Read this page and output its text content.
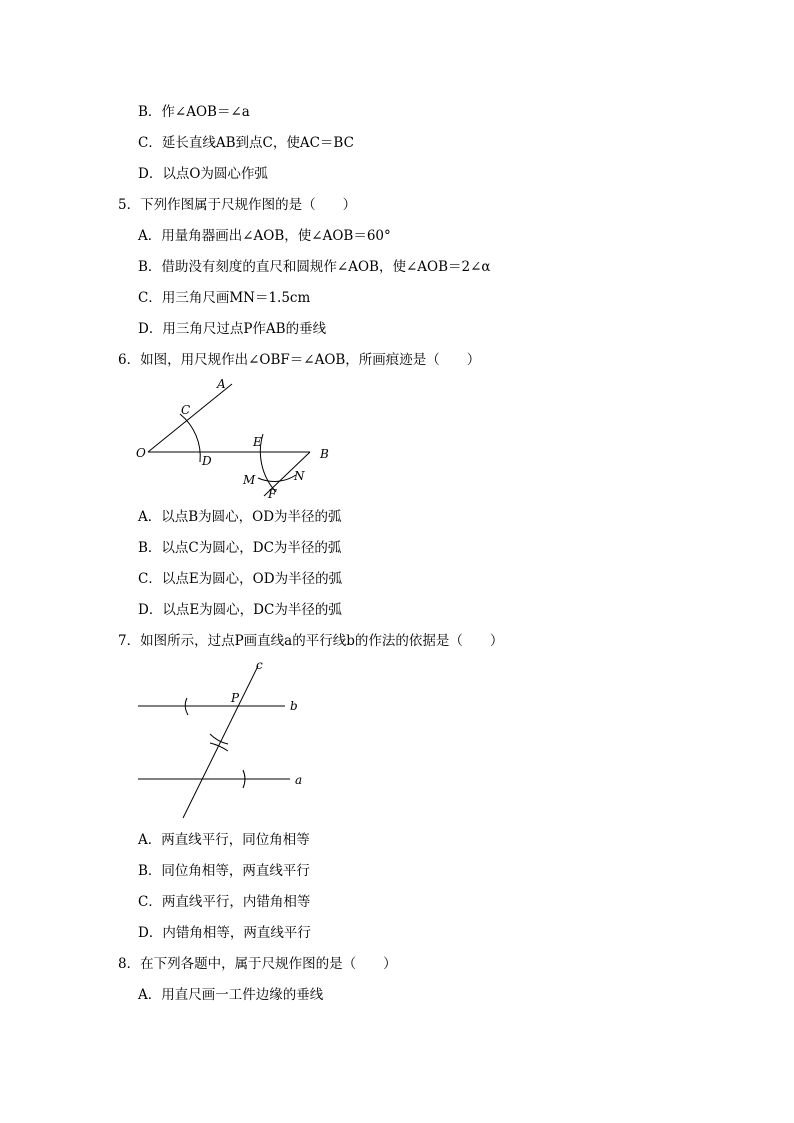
B．作∠AOB＝∠a
C．延长直线AB到点C，使AC＝BC
D．以点O为圆心作弧
5．下列作图属于尺规作图的是（　　）
A．用量角器画出∠AOB，使∠AOB＝60°
B．借助没有刻度的直尺和圆规作∠AOB，使∠AOB＝2∠α
C．用三角尺画MN＝1.5cm
D．用三角尺过点P作AB的垂线
6．如图，用尺规作出∠OBF＝∠AOB，所画痕迹是（　　）
A
C
O
D
E
B
M	N
F
A．以点B为圆心，OD为半径的弧
B．以点C为圆心，DC为半径的弧
C．以点E为圆心，OD为半径的弧
D．以点E为圆心，DC为半径的弧
7．如图所示，过点P画直线a的平行线b的作法的依据是（　　）
c
P
b
a
A．两直线平行，同位角相等
B．同位角相等，两直线平行
C．两直线平行，内错角相等
D．内错角相等，两直线平行
8．在下列各题中，属于尺规作图的是（　　）
A．用直尺画一工件边缘的垂线
